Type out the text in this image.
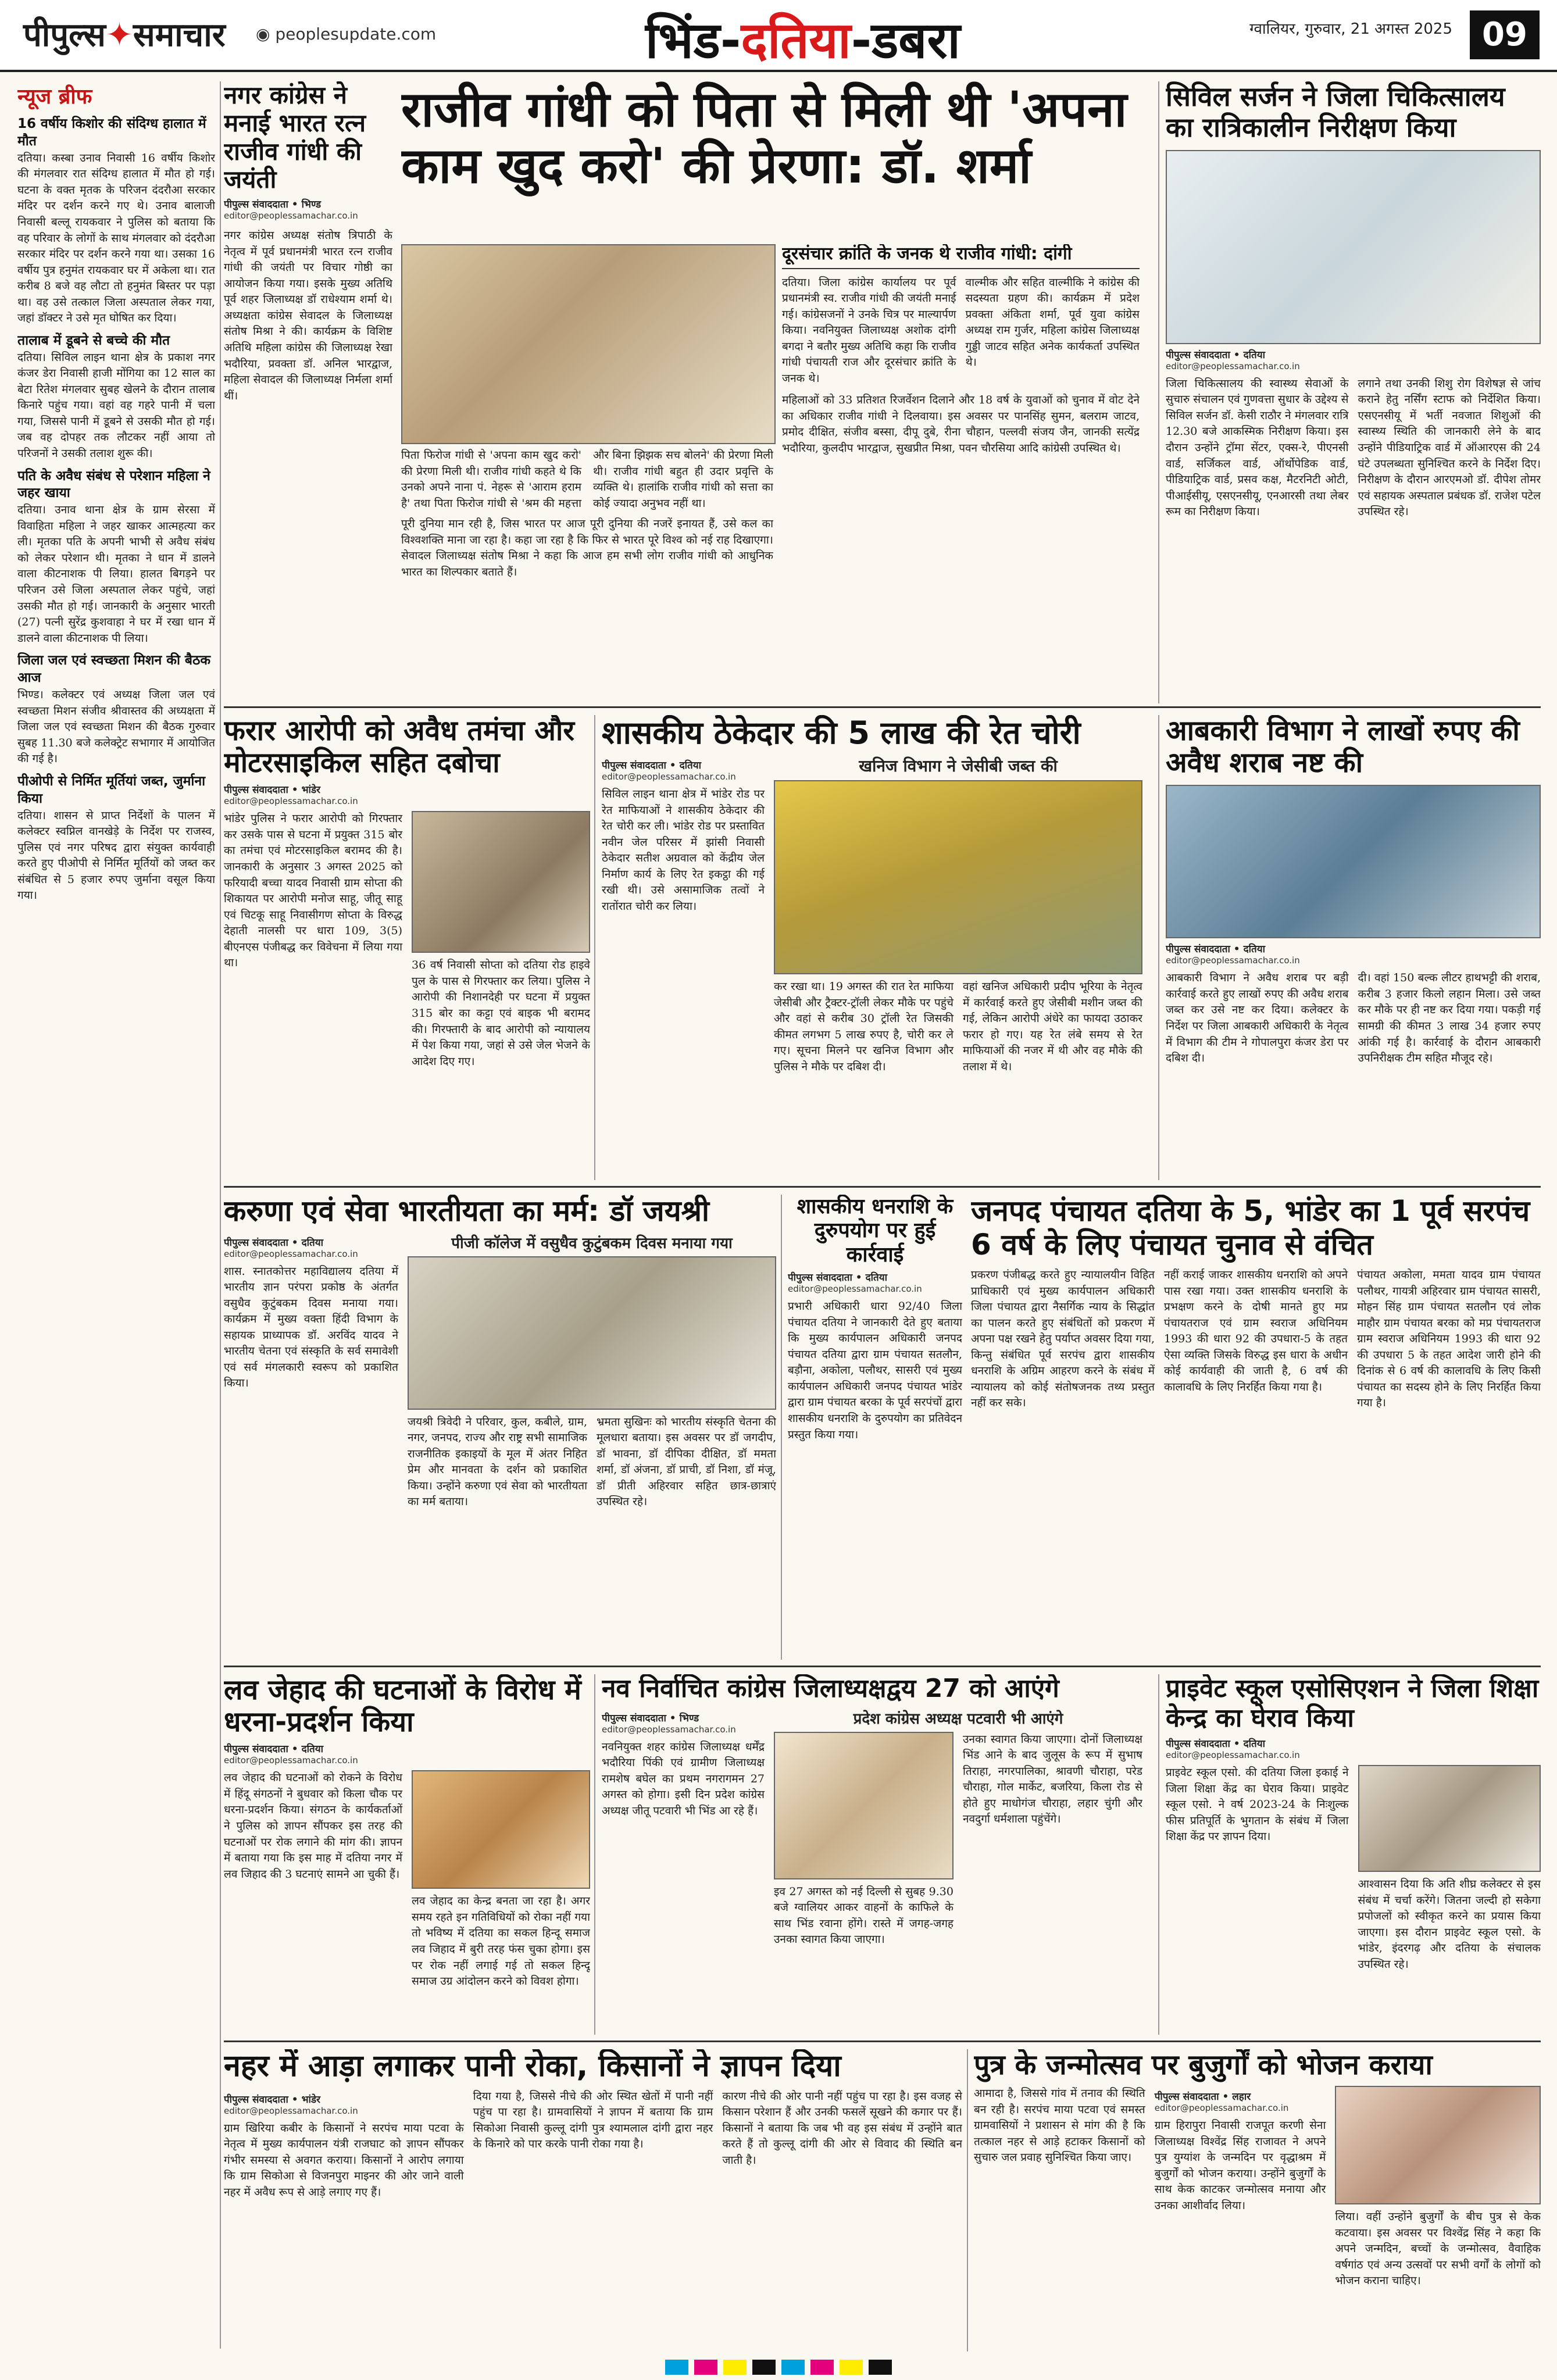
पीपुल्स✦समाचार ◉ peoplesupdate.com	भिंड-दतिया-डबरा	ग्वालियर, गुरुवार, 21 अगस्त 2025 09
न्यूज ब्रीफ
16 वर्षीय किशोर की संदिग्ध हालात में मौत
दतिया। कस्बा उनाव निवासी 16 वर्षीय किशोर की मंगलवार रात संदिग्ध हालात में मौत हो गई। घटना के वक्त मृतक के परिजन दंदरौआ सरकार मंदिर पर दर्शन करने गए थे। उनाव बालाजी निवासी बल्लू रायकवार ने पुलिस को बताया कि वह परिवार के लोगों के साथ मंगलवार को दंदरौआ सरकार मंदिर पर दर्शन करने गया था। उसका 16 वर्षीय पुत्र हनुमंत रायकवार घर में अकेला था। रात करीब 8 बजे वह लौटा तो हनुमंत बिस्तर पर पड़ा था। वह उसे तत्काल जिला अस्पताल लेकर गया, जहां डॉक्टर ने उसे मृत घोषित कर दिया।
तालाब में डूबने से बच्चे की मौत
दतिया। सिविल लाइन थाना क्षेत्र के प्रकाश नगर कंजर डेरा निवासी हाजी मोंगिया का 12 साल का बेटा रितेश मंगलवार सुबह खेलने के दौरान तालाब किनारे पहुंच गया। वहां वह गहरे पानी में चला गया, जिससे पानी में डूबने से उसकी मौत हो गई। जब वह दोपहर तक लौटकर नहीं आया तो परिजनों ने उसकी तलाश शुरू की।
पति के अवैध संबंध से परेशान महिला ने जहर खाया
दतिया। उनाव थाना क्षेत्र के ग्राम सेरसा में विवाहिता महिला ने जहर खाकर आत्महत्या कर ली। मृतका पति के अपनी भाभी से अवैध संबंध को लेकर परेशान थी। मृतका ने धान में डालने वाला कीटनाशक पी लिया। हालत बिगड़ने पर परिजन उसे जिला अस्पताल लेकर पहुंचे, जहां उसकी मौत हो गई। जानकारी के अनुसार भारती (27) पत्नी सुरेंद्र कुशवाहा ने घर में रखा धान में डालने वाला कीटनाशक पी लिया।
जिला जल एवं स्वच्छता मिशन की बैठक आज
भिण्ड। कलेक्टर एवं अध्यक्ष जिला जल एवं स्वच्छता मिशन संजीव श्रीवास्तव की अध्यक्षता में जिला जल एवं स्वच्छता मिशन की बैठक गुरुवार सुबह 11.30 बजे कलेक्ट्रेट सभागार में आयोजित की गई है।
पीओपी से निर्मित मूर्तियां जब्त, जुर्माना किया
दतिया। शासन से प्राप्त निर्देशों के पालन में कलेक्टर स्वप्निल वानखेड़े के निर्देश पर राजस्व, पुलिस एवं नगर परिषद द्वारा संयुक्त कार्यवाही करते हुए पीओपी से निर्मित मूर्तियों को जब्त कर संबंधित से 5 हजार रुपए जुर्माना वसूल किया गया।
नगर कांग्रेस ने मनाई भारत रत्न राजीव गांधी की जयंती
पीपुल्स संवाददाता • भिण्ड
editor@peoplessamachar.co.in
नगर कांग्रेस अध्यक्ष संतोष त्रिपाठी के नेतृत्व में पूर्व प्रधानमंत्री भारत रत्न राजीव गांधी की जयंती पर विचार गोष्ठी का आयोजन किया गया। इसके मुख्य अतिथि पूर्व शहर जिलाध्यक्ष डॉ राधेश्याम शर्मा थे। अध्यक्षता कांग्रेस सेवादल के जिलाध्यक्ष संतोष मिश्रा ने की। कार्यक्रम के विशिष्ट अतिथि महिला कांग्रेस की जिलाध्यक्ष रेखा भदौरिया, प्रवक्ता डॉ. अनिल भारद्वाज, महिला सेवादल की जिलाध्यक्ष निर्मला शर्मा थीं।
राजीव गांधी को पिता से मिली थी 'अपना काम खुद करो' की प्रेरणा: डॉ. शर्मा
पिता फिरोज गांधी से 'अपना काम खुद करो' की प्रेरणा मिली थी। राजीव गांधी कहते थे कि उनको अपने नाना पं. नेहरू से 'आराम हराम है' तथा पिता फिरोज गांधी से 'श्रम की महत्ता और बिना झिझक सच बोलने' की प्रेरणा मिली थी। राजीव गांधी बहुत ही उदार प्रवृत्ति के व्यक्ति थे। हालांकि राजीव गांधी को सत्ता का कोई ज्यादा अनुभव नहीं था।
पूरी दुनिया मान रही है, जिस भारत पर आज पूरी दुनिया की नजरें इनायत हैं, उसे कल का विश्वशक्ति माना जा रहा है। कहा जा रहा है कि फिर से भारत पूरे विश्व को नई राह दिखाएगा। सेवादल जिलाध्यक्ष संतोष मिश्रा ने कहा कि आज हम सभी लोग राजीव गांधी को आधुनिक भारत का शिल्पकार बताते हैं।
दूरसंचार क्रांति के जनक थे राजीव गांधी: दांगी
दतिया। जिला कांग्रेस कार्यालय पर पूर्व प्रधानमंत्री स्व. राजीव गांधी की जयंती मनाई गई। कांग्रेसजनों ने उनके चित्र पर माल्यार्पण किया। नवनियुक्त जिलाध्यक्ष अशोक दांगी बगदा ने बतौर मुख्य अतिथि कहा कि राजीव गांधी पंचायती राज और दूरसंचार क्रांति के जनक थे।
वाल्मीक और सहित वाल्मीकि ने कांग्रेस की सदस्यता ग्रहण की। कार्यक्रम में प्रदेश प्रवक्ता अंकिता शर्मा, पूर्व युवा कांग्रेस अध्यक्ष राम गुर्जर, महिला कांग्रेस जिलाध्यक्ष गुड्डी जाटव सहित अनेक कार्यकर्ता उपस्थित थे।
महिलाओं को 33 प्रतिशत रिजर्वेशन दिलाने और 18 वर्ष के युवाओं को चुनाव में वोट देने का अधिकार राजीव गांधी ने दिलवाया। इस अवसर पर पानसिंह सुमन, बलराम जाटव, प्रमोद दीक्षित, संजीव बस्सा, दीपू दुबे, रीना चौहान, पल्लवी संजय जैन, जानकी सत्येंद्र भदौरिया, कुलदीप भारद्वाज, सुखप्रीत मिश्रा, पवन चौरसिया आदि कांग्रेसी उपस्थित थे।
सिविल सर्जन ने जिला चिकित्सालय का रात्रिकालीन निरीक्षण किया
पीपुल्स संवाददाता • दतिया
editor@peoplessamachar.co.in
जिला चिकित्सालय की स्वास्थ्य सेवाओं के सुचारु संचालन एवं गुणवत्ता सुधार के उद्देश्य से सिविल सर्जन डॉ. केसी राठौर ने मंगलवार रात्रि 12.30 बजे आकस्मिक निरीक्षण किया। इस दौरान उन्होंने ट्रॉमा सेंटर, एक्स-रे, पीएनसी वार्ड, सर्जिकल वार्ड, ऑर्थोपेडिक वार्ड, पीडियाट्रिक वार्ड, प्रसव कक्ष, मैटरनिटी ओटी, पीआईसीयू, एसएनसीयू, एनआरसी तथा लेबर रूम का निरीक्षण किया।
लगाने तथा उनकी शिशु रोग विशेषज्ञ से जांच कराने हेतु नर्सिंग स्टाफ को निर्देशित किया। एसएनसीयू में भर्ती नवजात शिशुओं की स्वास्थ्य स्थिति की जानकारी लेने के बाद उन्होंने पीडियाट्रिक वार्ड में ऑआरएस की 24 घंटे उपलब्धता सुनिश्चित करने के निर्देश दिए। निरीक्षण के दौरान आरएमओ डॉ. दीपेश तोमर एवं सहायक अस्पताल प्रबंधक डॉ. राजेश पटेल उपस्थित रहे।
फरार आरोपी को अवैध तमंचा और मोटरसाइकिल सहित दबोचा
पीपुल्स संवाददाता • भांडेर
editor@peoplessamachar.co.in
भांडेर पुलिस ने फरार आरोपी को गिरफ्तार कर उसके पास से घटना में प्रयुक्त 315 बोर का तमंचा एवं मोटरसाइकिल बरामद की है। जानकारी के अनुसार 3 अगस्त 2025 को फरियादी बच्चा यादव निवासी ग्राम सोप्ता की शिकायत पर आरोपी मनोज साहू, जीतू साहू एवं चिटकू साहू निवासीगण सोप्ता के विरुद्ध देहाती नालसी पर धारा 109, 3(5) बीएनएस पंजीबद्ध कर विवेचना में लिया गया था।	36 वर्ष निवासी सोप्ता को दतिया रोड हाइवे पुल के पास से गिरफ्तार कर लिया। पुलिस ने आरोपी की निशानदेही पर घटना में प्रयुक्त 315 बोर का कट्टा एवं बाइक भी बरामद की। गिरफ्तारी के बाद आरोपी को न्यायालय में पेश किया गया, जहां से उसे जेल भेजने के आदेश दिए गए।
शासकीय ठेकेदार की 5 लाख की रेत चोरी
पीपुल्स संवाददाता • दतिया
editor@peoplessamachar.co.in
सिविल लाइन थाना क्षेत्र में भांडेर रोड पर रेत माफियाओं ने शासकीय ठेकेदार की रेत चोरी कर ली। भांडेर रोड पर प्रस्तावित नवीन जेल परिसर में झांसी निवासी ठेकेदार सतीश अग्रवाल को केंद्रीय जेल निर्माण कार्य के लिए रेत इकट्ठा की गई रखी थी। उसे असामाजिक तत्वों ने रातोंरात चोरी कर लिया।
खनिज विभाग ने जेसीबी जब्त की
कर रखा था। 19 अगस्त की रात रेत माफिया जेसीबी और ट्रैक्टर-ट्रॉली लेकर मौके पर पहुंचे और वहां से करीब 30 ट्रॉली रेत जिसकी कीमत लगभग 5 लाख रुपए है, चोरी कर ले गए। सूचना मिलने पर खनिज विभाग और पुलिस ने मौके पर दबिश दी।
वहां खनिज अधिकारी प्रदीप भूरिया के नेतृत्व में कार्रवाई करते हुए जेसीबी मशीन जब्त की गई, लेकिन आरोपी अंधेरे का फायदा उठाकर फरार हो गए। यह रेत लंबे समय से रेत माफियाओं की नजर में थी और वह मौके की तलाश में थे।
आबकारी विभाग ने लाखों रुपए की अवैध शराब नष्ट की
पीपुल्स संवाददाता • दतिया
editor@peoplessamachar.co.in
आबकारी विभाग ने अवैध शराब पर बड़ी कार्रवाई करते हुए लाखों रुपए की अवैध शराब जब्त कर उसे नष्ट कर दिया। कलेक्टर के निर्देश पर जिला आबकारी अधिकारी के नेतृत्व में विभाग की टीम ने गोपालपुरा कंजर डेरा पर दबिश दी।
दी। वहां 150 बल्क लीटर हाथभट्टी की शराब, करीब 3 हजार किलो लहान मिला। उसे जब्त कर मौके पर ही नष्ट कर दिया गया। पकड़ी गई सामग्री की कीमत 3 लाख 34 हजार रुपए आंकी गई है। कार्रवाई के दौरान आबकारी उपनिरीक्षक टीम सहित मौजूद रहे।
करुणा एवं सेवा भारतीयता का मर्म: डॉ जयश्री
पीपुल्स संवाददाता • दतिया
editor@peoplessamachar.co.in
शास. स्नातकोत्तर महाविद्यालय दतिया में भारतीय ज्ञान परंपरा प्रकोष्ठ के अंतर्गत वसुधैव कुटुंबकम दिवस मनाया गया। कार्यक्रम में मुख्य वक्ता हिंदी विभाग के सहायक प्राध्यापक डॉ. अरविंद यादव ने भारतीय चेतना एवं संस्कृति के सर्व समावेशी एवं सर्व मंगलकारी स्वरूप को प्रकाशित किया।
पीजी कॉलेज में वसुधैव कुटुंबकम दिवस मनाया गया
जयश्री त्रिवेदी ने परिवार, कुल, कबीले, ग्राम, नगर, जनपद, राज्य और राष्ट्र सभी सामाजिक राजनीतिक इकाइयों के मूल में अंतर निहित प्रेम और मानवता के दर्शन को प्रकाशित किया। उन्होंने करुणा एवं सेवा को भारतीयता का मर्म बताया।
भ्रमता सुखिनः को भारतीय संस्कृति चेतना की मूलधारा बताया। इस अवसर पर डॉ जगदीप, डॉ भावना, डॉ दीपिका दीक्षित, डॉ ममता शर्मा, डॉ अंजना, डॉ प्राची, डॉ निशा, डॉ मंजू, डॉ प्रीती अहिरवार सहित छात्र-छात्राएं उपस्थित रहे।
शासकीय धनराशि के दुरुपयोग पर हुई कार्रवाई
पीपुल्स संवाददाता • दतिया
editor@peoplessamachar.co.in
प्रभारी अधिकारी धारा 92/40 जिला पंचायत दतिया ने जानकारी देते हुए बताया कि मुख्य कार्यपालन अधिकारी जनपद पंचायत दतिया द्वारा ग्राम पंचायत सतलौन, बड़ौना, अकोला, पलौथर, सासरी एवं मुख्य कार्यपालन अधिकारी जनपद पंचायत भांडेर द्वारा ग्राम पंचायत बरका के पूर्व सरपंचों द्वारा शासकीय धनराशि के दुरुपयोग का प्रतिवेदन प्रस्तुत किया गया।
जनपद पंचायत दतिया के 5, भांडेर का 1 पूर्व सरपंच 6 वर्ष के लिए पंचायत चुनाव से वंचित
प्रकरण पंजीबद्ध करते हुए न्यायालयीन विहित प्राधिकारी एवं मुख्य कार्यपालन अधिकारी जिला पंचायत द्वारा नैसर्गिक न्याय के सिद्धांत का पालन करते हुए संबंधितों को प्रकरण में अपना पक्ष रखने हेतु पर्याप्त अवसर दिया गया, किन्तु संबंधित पूर्व सरपंच द्वारा शासकीय धनराशि के अग्रिम आहरण करने के संबंध में न्यायालय को कोई संतोषजनक तथ्य प्रस्तुत नहीं कर सके।
नहीं कराई जाकर शासकीय धनराशि को अपने पास रखा गया। उक्त शासकीय धनराशि के प्रभक्षण करने के दोषी मानते हुए मप्र पंचायतराज एवं ग्राम स्वराज अधिनियम 1993 की धारा 92 की उपधारा-5 के तहत ऐसा व्यक्ति जिसके विरुद्ध इस धारा के अधीन कोई कार्यवाही की जाती है, 6 वर्ष की कालावधि के लिए निरर्हित किया गया है।
पंचायत अकोला, ममता यादव ग्राम पंचायत पलौथर, गायत्री अहिरवार ग्राम पंचायत सासरी, मोहन सिंह ग्राम पंचायत सतलौन एवं लोक माहौर ग्राम पंचायत बरका को मप्र पंचायतराज ग्राम स्वराज अधिनियम 1993 की धारा 92 की उपधारा 5 के तहत आदेश जारी होने की दिनांक से 6 वर्ष की कालावधि के लिए किसी पंचायत का सदस्य होने के लिए निरर्हित किया गया है।
लव जेहाद की घटनाओं के विरोध में धरना-प्रदर्शन किया
पीपुल्स संवाददाता • दतिया
editor@peoplessamachar.co.in
लव जेहाद की घटनाओं को रोकने के विरोध में हिंदू संगठनों ने बुधवार को किला चौक पर धरना-प्रदर्शन किया। संगठन के कार्यकर्ताओं ने पुलिस को ज्ञापन सौंपकर इस तरह की घटनाओं पर रोक लगाने की मांग की। ज्ञापन में बताया गया कि इस माह में दतिया नगर में लव जिहाद की 3 घटनाएं सामने आ चुकी हैं।
लव जेहाद का केन्द्र बनता जा रहा है। अगर समय रहते इन गतिविधियों को रोका नहीं गया तो भविष्य में दतिया का सकल हिन्दू समाज लव जिहाद में बुरी तरह फंस चुका होगा। इस पर रोक नहीं लगाई गई तो सकल हिन्दू समाज उग्र आंदोलन करने को विवश होगा।
नव निर्वाचित कांग्रेस जिलाध्यक्षद्वय 27 को आएंगे
पीपुल्स संवाददाता • भिण्ड
editor@peoplessamachar.co.in
नवनियुक्त शहर कांग्रेस जिलाध्यक्ष धर्मेंद्र भदौरिया पिंकी एवं ग्रामीण जिलाध्यक्ष रामशेष बघेल का प्रथम नगरागमन 27 अगस्त को होगा। इसी दिन प्रदेश कांग्रेस अध्यक्ष जीतू पटवारी भी भिंड आ रहे हैं।
प्रदेश कांग्रेस अध्यक्ष पटवारी भी आएंगे
इव 27 अगस्त को नई दिल्ली से सुबह 9.30 बजे ग्वालियर आकर वाहनों के काफिले के साथ भिंड रवाना होंगे। रास्ते में जगह-जगह उनका स्वागत किया जाएगा।
उनका स्वागत किया जाएगा। दोनों जिलाध्यक्ष भिंड आने के बाद जुलूस के रूप में सुभाष तिराहा, नगरपालिका, श्रावणी चौराहा, परेड चौराहा, गोल मार्केट, बजरिया, किला रोड से होते हुए माधोगंज चौराहा, लहार चुंगी और नवदुर्गा धर्मशाला पहुंचेंगे।
प्राइवेट स्कूल एसोसिएशन ने जिला शिक्षा केन्द्र का घेराव किया
पीपुल्स संवाददाता • दतिया
editor@peoplessamachar.co.in
प्राइवेट स्कूल एसो. की दतिया जिला इकाई ने जिला शिक्षा केंद्र का घेराव किया। प्राइवेट स्कूल एसो. ने वर्ष 2023-24 के निःशुल्क फीस प्रतिपूर्ति के भुगतान के संबंध में जिला शिक्षा केंद्र पर ज्ञापन दिया।
आश्वासन दिया कि अति शीघ्र कलेक्टर से इस संबंध में चर्चा करेंगे। जितना जल्दी हो सकेगा प्रपोजलों को स्वीकृत करने का प्रयास किया जाएगा। इस दौरान प्राइवेट स्कूल एसो. के भांडेर, इंदरगढ़ और दतिया के संचालक उपस्थित रहे।
नहर में आड़ा लगाकर पानी रोका, किसानों ने ज्ञापन दिया
पीपुल्स संवाददाता • भांडेर
editor@peoplessamachar.co.in
ग्राम खिरिया कबीर के किसानों ने सरपंच माया पटवा के नेतृत्व में मुख्य कार्यपालन यंत्री राजघाट को ज्ञापन सौंपकर गंभीर समस्या से अवगत कराया। किसानों ने आरोप लगाया कि ग्राम सिकोआ से विजनपुरा माइनर की ओर जाने वाली नहर में अवैध रूप से आड़े लगाए गए हैं।
दिया गया है, जिससे नीचे की ओर स्थित खेतों में पानी नहीं पहुंच पा रहा है। ग्रामवासियों ने ज्ञापन में बताया कि ग्राम सिकोआ निवासी कुल्लू दांगी पुत्र श्यामलाल दांगी द्वारा नहर के किनारे को पार करके पानी रोका गया है।
कारण नीचे की ओर पानी नहीं पहुंच पा रहा है। इस वजह से किसान परेशान हैं और उनकी फसलें सूखने की कगार पर हैं। किसानों ने बताया कि जब भी वह इस संबंध में उन्होंने बात करते हैं तो कुल्लू दांगी की ओर से विवाद की स्थिति बन जाती है।
पुत्र के जन्मोत्सव पर बुजुर्गों को भोजन कराया
आमादा है, जिससे गांव में तनाव की स्थिति बन रही है। सरपंच माया पटवा एवं समस्त ग्रामवासियों ने प्रशासन से मांग की है कि तत्काल नहर से आड़े हटाकर किसानों को सुचारु जल प्रवाह सुनिश्चित किया जाए।
पीपुल्स संवाददाता • लहार
editor@peoplessamachar.co.in
ग्राम हिरापुरा निवासी राजपूत करणी सेना जिलाध्यक्ष विश्वेंद्र सिंह राजावत ने अपने पुत्र युग्यांश के जन्मदिन पर वृद्धाश्रम में बुजुर्गों को भोजन कराया। उन्होंने बुजुर्गों के साथ केक काटकर जन्मोत्सव मनाया और उनका आशीर्वाद लिया।
लिया। वहीं उन्होंने बुजुर्गों के बीच पुत्र से केक कटवाया। इस अवसर पर विश्वेंद्र सिंह ने कहा कि अपने जन्मदिन, बच्चों के जन्मोत्सव, वैवाहिक वर्षगांठ एवं अन्य उत्सवों पर सभी वर्गों के लोगों को भोजन कराना चाहिए।
